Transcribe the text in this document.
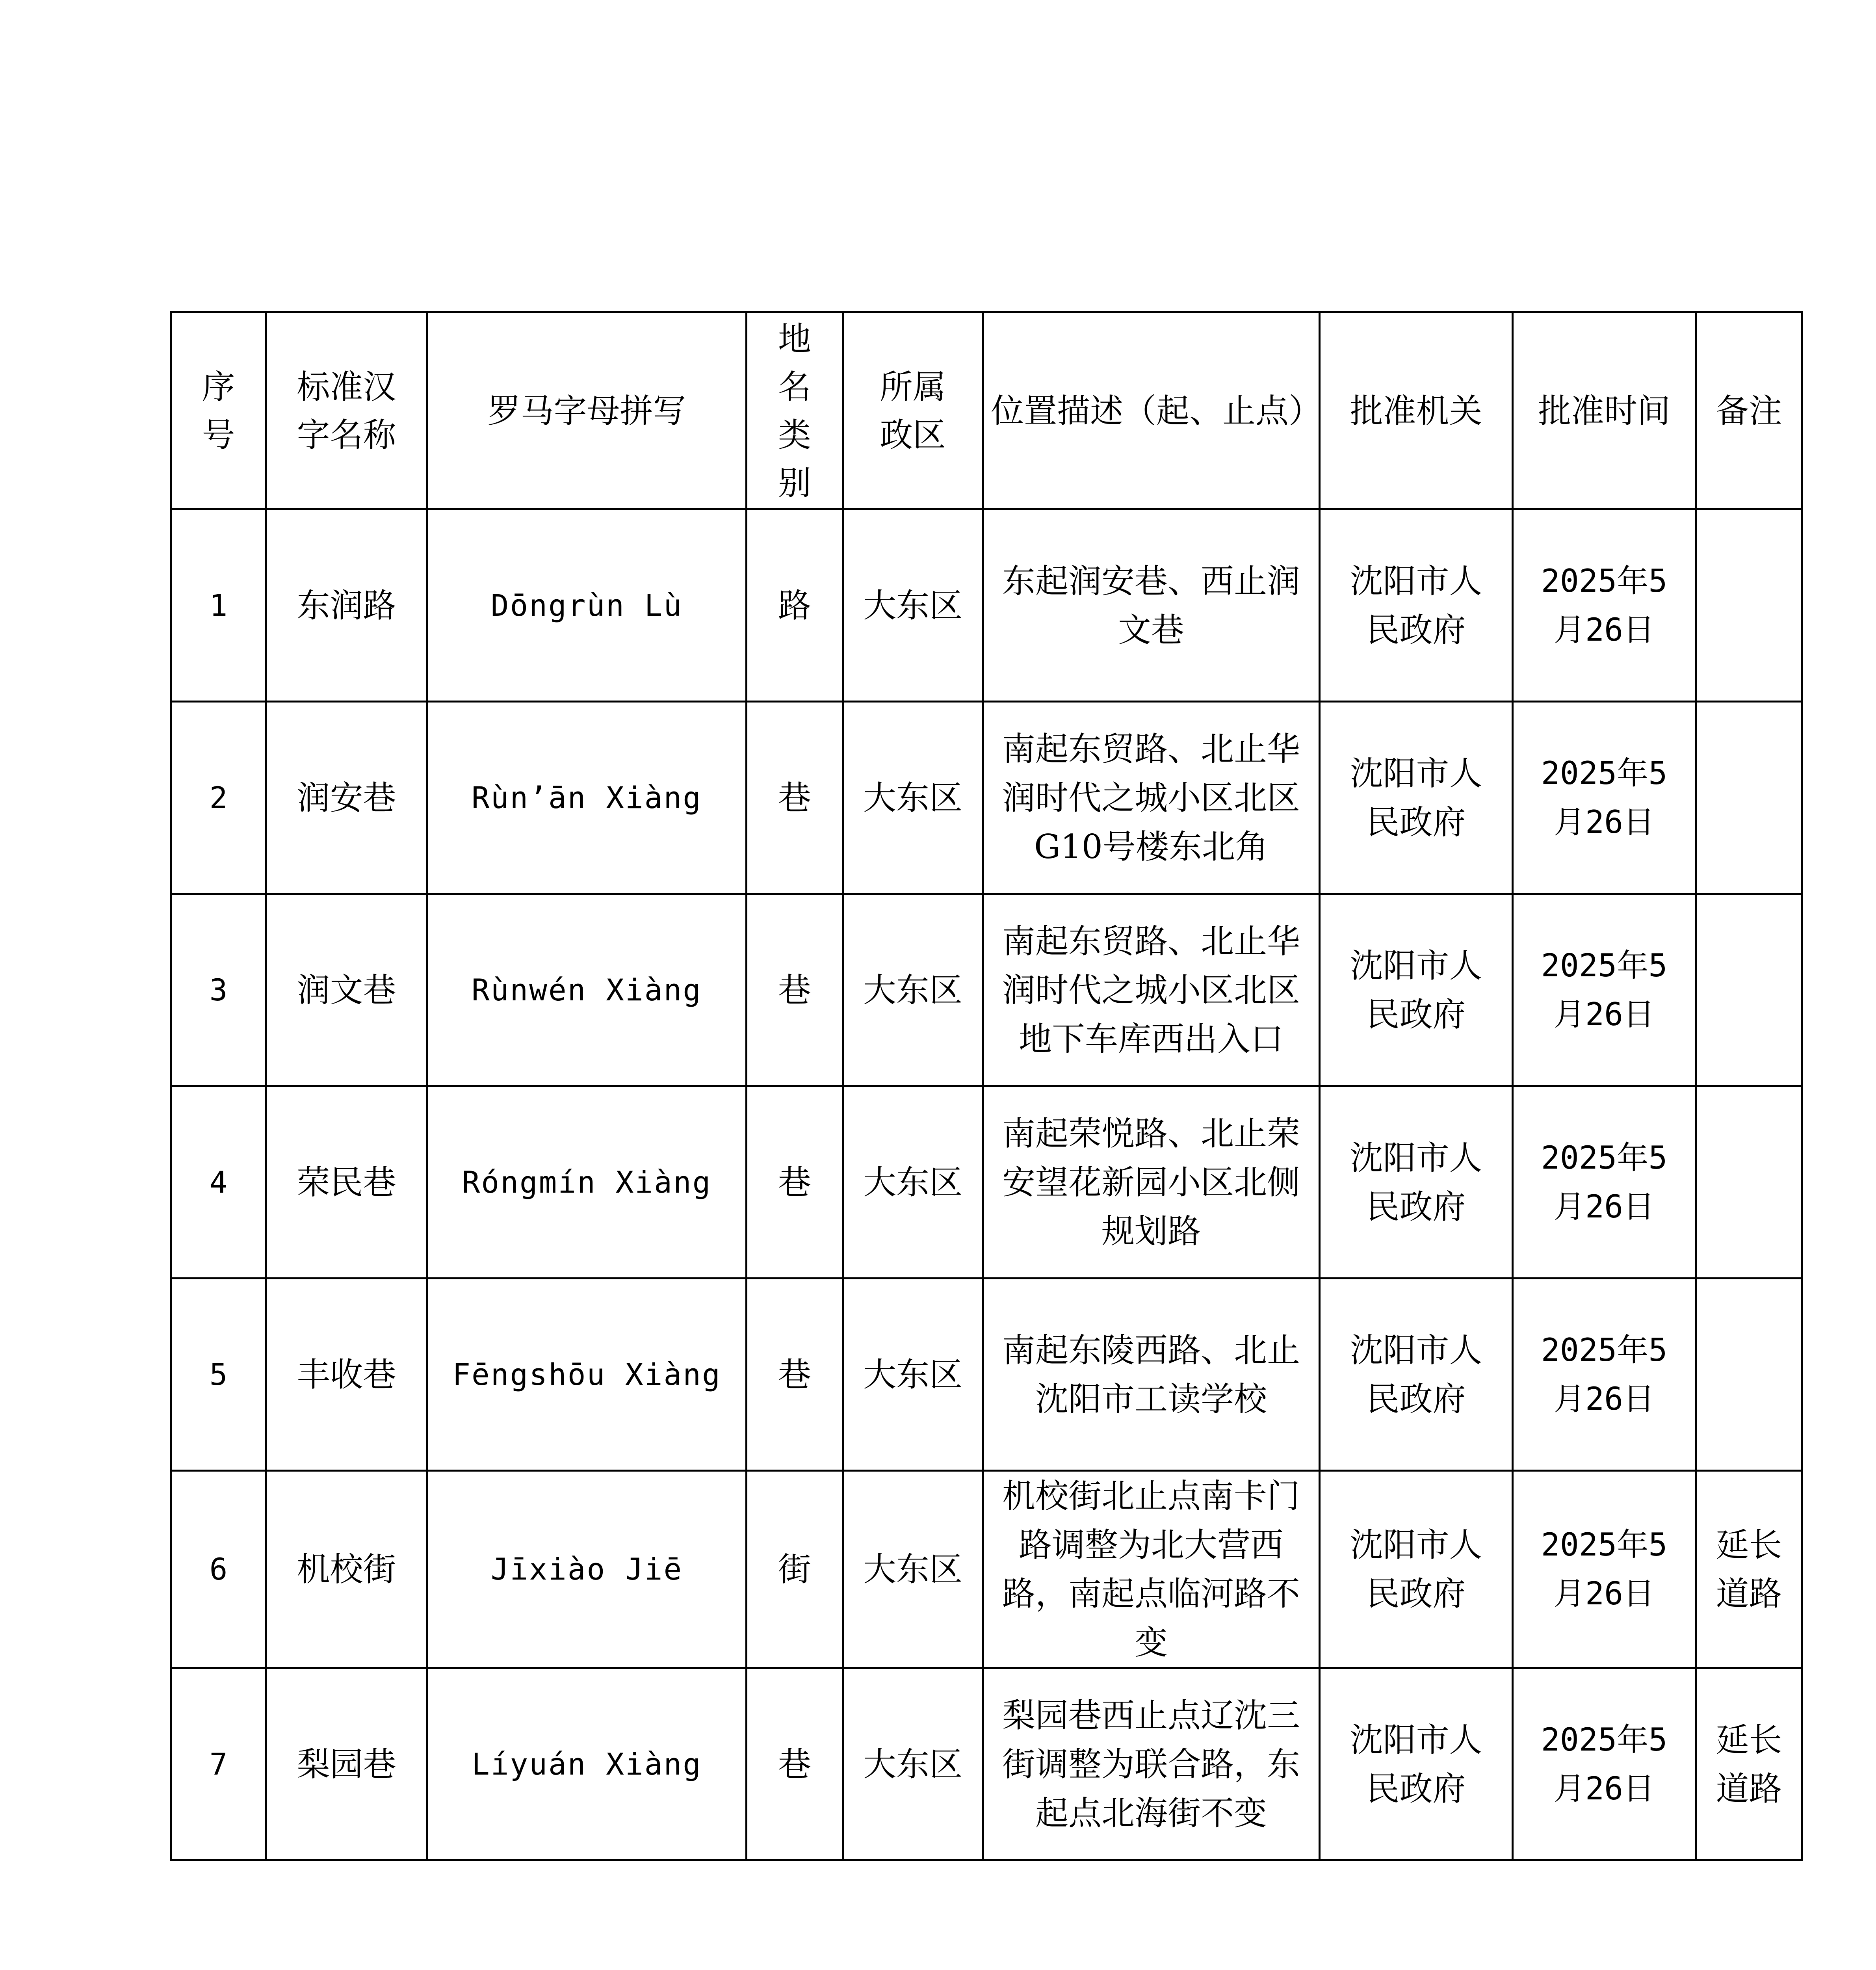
序号	标准汉字名称	罗马字母拼写	地名类别	所属政区	位置描述（起、止点）	批准机关	批准时间	备注
1	东润路	Dōngrùn Lù	路	大东区	东起润安巷、西止润文巷	沈阳市人民政府	2025年5月26日	
2	润安巷	Rùn’ān Xiàng	巷	大东区	南起东贸路、北止华润时代之城小区北区G10号楼东北角	沈阳市人民政府	2025年5月26日	
3	润文巷	Rùnwén Xiàng	巷	大东区	南起东贸路、北止华润时代之城小区北区地下车库西出入口	沈阳市人民政府	2025年5月26日	
4	荣民巷	Róngmín Xiàng	巷	大东区	南起荣悦路、北止荣安望花新园小区北侧规划路	沈阳市人民政府	2025年5月26日	
5	丰收巷	Fēngshōu Xiàng	巷	大东区	南起东陵西路、北止沈阳市工读学校	沈阳市人民政府	2025年5月26日	
6	机校街	Jīxiào Jiē	街	大东区	机校街北止点南卡门路调整为北大营西路，南起点临河路不变	沈阳市人民政府	2025年5月26日	延长道路
7	梨园巷	Líyuán Xiàng	巷	大东区	梨园巷西止点辽沈三街调整为联合路，东起点北海街不变	沈阳市人民政府	2025年5月26日	延长道路
